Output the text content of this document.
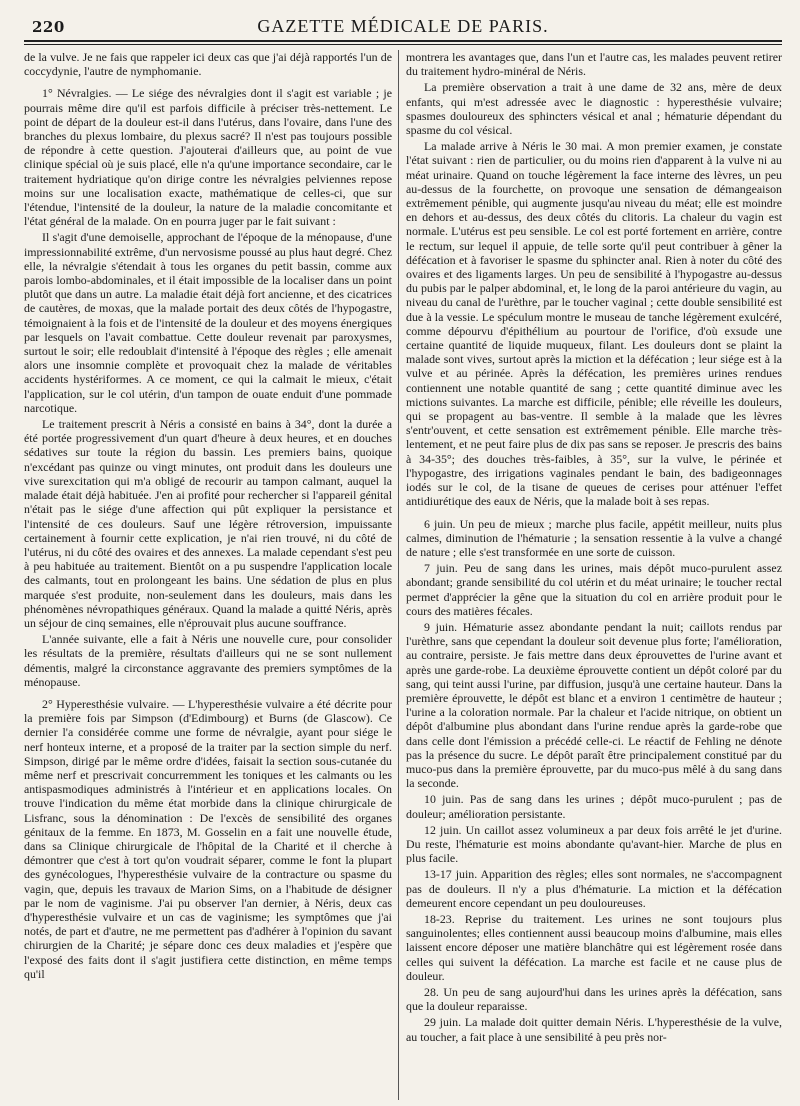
220	GAZETTE MÉDICALE DE PARIS.

de la vulve. Je ne fais que rappeler ici deux cas que j'ai déjà rapportés l'un de coccydynie, l'autre de nymphomanie.

1° Névralgies. — Le siége des névralgies dont il s'agit est variable ; je pourrais même dire qu'il est parfois difficile à préciser très-nettement. Le point de départ de la douleur est-il dans l'utérus, dans l'ovaire, dans l'une des branches du plexus lombaire, du plexus sacré? Il n'est pas toujours possible de répondre à cette question. J'ajouterai d'ailleurs que, au point de vue clinique spécial où je suis placé, elle n'a qu'une importance secondaire, car le traitement hydriatique qu'on dirige contre les névralgies pelviennes repose moins sur une localisation exacte, mathématique de celles-ci, que sur l'étendue, l'intensité de la douleur, la nature de la maladie concomitante et l'état général de la malade. On en pourra juger par le fait suivant :

Il s'agit d'une demoiselle, approchant de l'époque de la ménopause, d'une impressionnabilité extrême, d'un nervosisme poussé au plus haut degré. Chez elle, la névralgie s'étendait à tous les organes du petit bassin, comme aux parois lombo-abdominales, et il était impossible de la localiser dans un point plutôt que dans un autre. La maladie était déjà fort ancienne, et des cicatrices de cautères, de moxas, que la malade portait des deux côtés de l'hypogastre, témoignaient à la fois et de l'intensité de la douleur et des moyens énergiques par lesquels on l'avait combattue. Cette douleur revenait par paroxysmes, surtout le soir; elle redoublait d'intensité à l'époque des règles ; elle amenait alors une insomnie complète et provoquait chez la malade de véritables accidents hystériformes. A ce moment, ce qui la calmait le mieux, c'était l'application, sur le col utérin, d'un tampon de ouate enduit d'une pommade narcotique.

Le traitement prescrit à Néris a consisté en bains à 34°, dont la durée a été portée progressivement d'un quart d'heure à deux heures, et en douches sédatives sur toute la région du bassin. Les premiers bains, quoique n'excédant pas quinze ou vingt minutes, ont produit dans les douleurs une vive surexcitation qui m'a obligé de recourir au tampon calmant, auquel la malade était déjà habituée. J'en ai profité pour rechercher si l'appareil génital n'était pas le siége d'une affection qui pût expliquer la persistance et l'intensité de ces douleurs. Sauf une légère rétroversion, impuissante certainement à fournir cette explication, je n'ai rien trouvé, ni du côté de l'utérus, ni du côté des ovaires et des annexes. La malade cependant s'est peu à peu habituée au traitement. Bientôt on a pu suspendre l'application locale des calmants, tout en prolongeant les bains. Une sédation de plus en plus marquée s'est produite, non-seulement dans les douleurs, mais dans les phénomènes névropathiques généraux. Quand la malade a quitté Néris, après un séjour de cinq semaines, elle n'éprouvait plus aucune souffrance.

L'année suivante, elle a fait à Néris une nouvelle cure, pour consolider les résultats de la première, résultats d'ailleurs qui ne se sont nullement démentis, malgré la circonstance aggravante des premiers symptômes de la ménopause.

2° Hyperesthésie vulvaire. — L'hyperesthésie vulvaire a été décrite pour la première fois par Simpson (d'Edimbourg) et Burns (de Glascow). Ce dernier l'a considérée comme une forme de névralgie, ayant pour siége le nerf honteux interne, et a proposé de la traiter par la section simple du nerf. Simpson, dirigé par le même ordre d'idées, faisait la section sous-cutanée du même nerf et prescrivait concurremment les toniques et les calmants ou les antispasmodiques administrés à l'intérieur et en applications locales. On trouve l'indication du même état morbide dans la clinique chirurgicale de Lisfranc, sous la dénomination : De l'excès de sensibilité des organes génitaux de la femme. En 1873, M. Gosselin en a fait une nouvelle étude, dans sa Clinique chirurgicale de l'hôpital de la Charité et il cherche à démontrer que c'est à tort qu'on voudrait séparer, comme le font la plupart des gynécologues, l'hyperesthésie vulvaire de la contracture ou spasme du vagin, que, depuis les travaux de Marion Sims, on a l'habitude de désigner par le nom de vaginisme. J'ai pu observer l'an dernier, à Néris, deux cas d'hyperesthésie vulvaire et un cas de vaginisme; les symptômes que j'ai notés, de part et d'autre, ne me permettent pas d'adhérer à l'opinion du savant chirurgien de la Charité; je sépare donc ces deux maladies et j'espère que l'exposé des faits dont il s'agit justifiera cette distinction, en même temps qu'il

montrera les avantages que, dans l'un et l'autre cas, les malades peuvent retirer du traitement hydro-minéral de Néris.

La première observation a trait à une dame de 32 ans, mère de deux enfants, qui m'est adressée avec le diagnostic : hyperesthésie vulvaire; spasmes douloureux des sphincters vésical et anal ; hématurie dépendant du spasme du col vésical.

La malade arrive à Néris le 30 mai. A mon premier examen, je constate l'état suivant : rien de particulier, ou du moins rien d'apparent à la vulve ni au méat urinaire. Quand on touche légèrement la face interne des lèvres, un peu au-dessus de la fourchette, on provoque une sensation de démangeaison extrêmement pénible, qui augmente jusqu'au niveau du méat; elle est moindre en dehors et au-dessus, des deux côtés du clitoris. La chaleur du vagin est normale. L'utérus est peu sensible. Le col est porté fortement en arrière, contre le rectum, sur lequel il appuie, de telle sorte qu'il peut contribuer à gêner la défécation et à favoriser le spasme du sphincter anal. Rien à noter du côté des ovaires et des ligaments larges. Un peu de sensibilité à l'hypogastre au-dessus du pubis par le palper abdominal, et, le long de la paroi antérieure du vagin, au niveau du canal de l'urèthre, par le toucher vaginal ; cette double sensibilité est due à la vessie. Le spéculum montre le museau de tanche légèrement exulcéré, comme dépourvu d'épithélium au pourtour de l'orifice, d'où exsude une certaine quantité de liquide muqueux, filant. Les douleurs dont se plaint la malade sont vives, surtout après la miction et la défécation ; leur siége est à la vulve et au périnée. Après la défécation, les premières urines rendues contiennent une notable quantité de sang ; cette quantité diminue avec les mictions suivantes. La marche est difficile, pénible; elle réveille les douleurs, qui se propagent au bas-ventre. Il semble à la malade que les lèvres s'entr'ouvent, et cette sensation est extrêmement pénible. Elle marche très-lentement, et ne peut faire plus de dix pas sans se reposer. Je prescris des bains à 34-35°; des douches très-faibles, à 35°, sur la vulve, le périnée et l'hypogastre, des irrigations vaginales pendant le bain, des badigeonnages iodés sur le col, de la tisane de queues de cerises pour atténuer l'effet antidiurétique des eaux de Néris, que la malade boit à ses repas.

6 juin. Un peu de mieux ; marche plus facile, appétit meilleur, nuits plus calmes, diminution de l'hématurie ; la sensation ressentie à la vulve a changé de nature ; elle s'est transformée en une sorte de cuisson.

7 juin. Peu de sang dans les urines, mais dépôt muco-purulent assez abondant; grande sensibilité du col utérin et du méat urinaire; le toucher rectal permet d'apprécier la gêne que la situation du col en arrière produit pour le cours des matières fécales.

9 juin. Hématurie assez abondante pendant la nuit; caillots rendus par l'urèthre, sans que cependant la douleur soit devenue plus forte; l'amélioration, au contraire, persiste. Je fais mettre dans deux éprouvettes de l'urine avant et après une garde-robe. La deuxième éprouvette contient un dépôt coloré par du sang, qui teint aussi l'urine, par diffusion, jusqu'à une certaine hauteur. Dans la première éprouvette, le dépôt est blanc et a environ 1 centimètre de hauteur ; l'urine a la coloration normale. Par la chaleur et l'acide nitrique, on obtient un dépôt d'albumine plus abondant dans l'urine rendue après la garde-robe que dans celle dont l'émission a précédé celle-ci. Le réactif de Fehling ne dénote pas la présence du sucre. Le dépôt paraît être principalement constitué par du muco-pus dans la première éprouvette, par du muco-pus mêlé à du sang dans la seconde.

10 juin. Pas de sang dans les urines ; dépôt muco-purulent ; pas de douleur; amélioration persistante.

12 juin. Un caillot assez volumineux a par deux fois arrêté le jet d'urine. Du reste, l'hématurie est moins abondante qu'avant-hier. Marche de plus en plus facile.

13-17 juin. Apparition des règles; elles sont normales, ne s'accompagnent pas de douleurs. Il n'y a plus d'hématurie. La miction et la défécation demeurent encore cependant un peu douloureuses.

18-23. Reprise du traitement. Les urines ne sont toujours plus sanguinolentes; elles contiennent aussi beaucoup moins d'albumine, mais elles laissent encore déposer une matière blanchâtre qui est légèrement rosée dans celles qui suivent la défécation. La marche est facile et ne cause plus de douleur.

28. Un peu de sang aujourd'hui dans les urines après la défécation, sans que la douleur reparaisse.

29 juin. La malade doit quitter demain Néris. L'hyperesthésie de la vulve, au toucher, a fait place à une sensibilité à peu près nor-
